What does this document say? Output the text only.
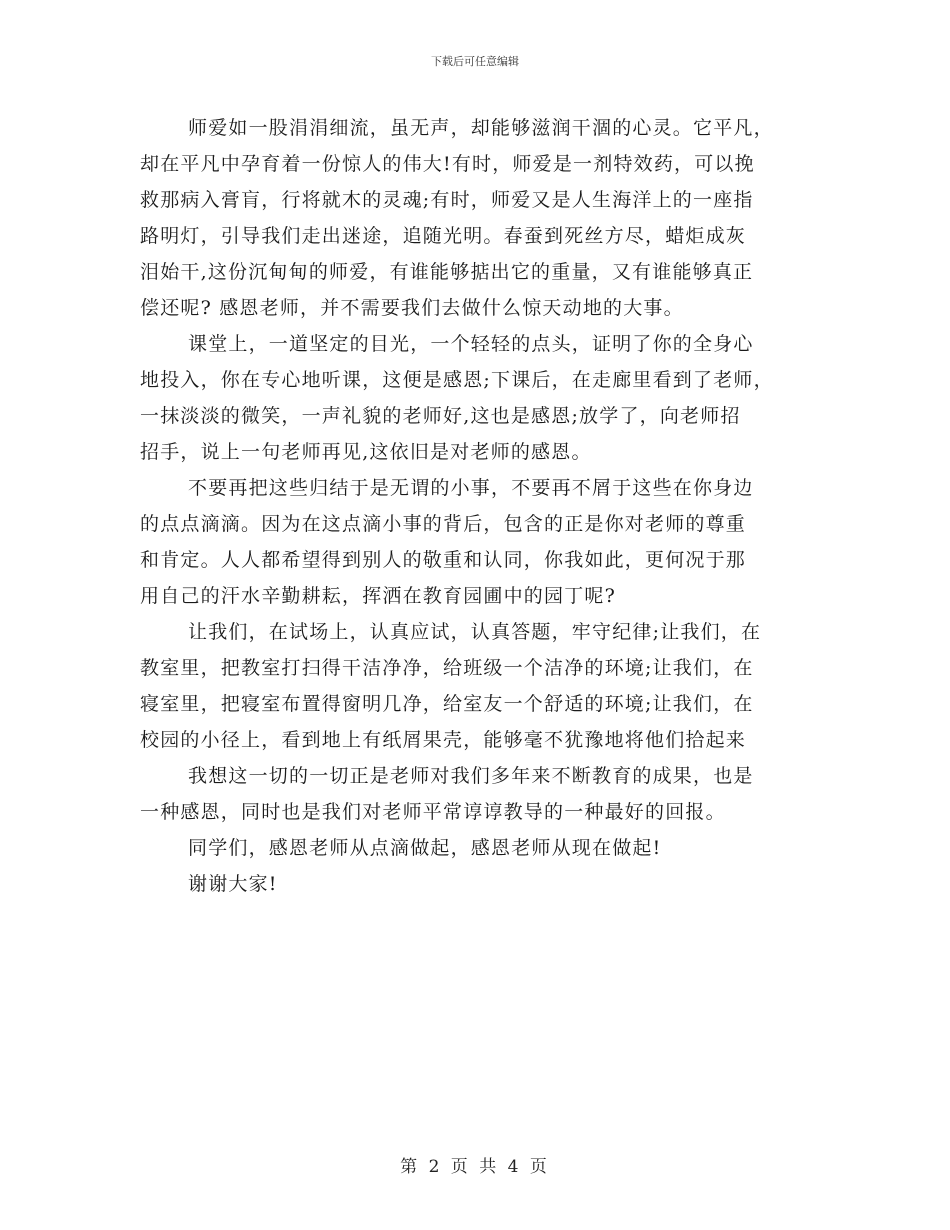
下载后可任意编辑
师爱如一股涓涓细流，虽无声，却能够滋润干涸的心灵。它平凡，
却在平凡中孕育着一份惊人的伟大!有时，师爱是一剂特效药，可以挽
救那病入膏肓，行将就木的灵魂;有时，师爱又是人生海洋上的一座指
路明灯，引导我们走出迷途，追随光明。春蚕到死丝方尽，蜡炬成灰
泪始干,这份沉甸甸的师爱，有谁能够掂出它的重量，又有谁能够真正
偿还呢? 感恩老师，并不需要我们去做什么惊天动地的大事。
课堂上，一道坚定的目光，一个轻轻的点头，证明了你的全身心
地投入，你在专心地听课，这便是感恩;下课后，在走廊里看到了老师，
一抹淡淡的微笑，一声礼貌的老师好,这也是感恩;放学了，向老师招
招手，说上一句老师再见,这依旧是对老师的感恩。
不要再把这些归结于是无谓的小事，不要再不屑于这些在你身边
的点点滴滴。因为在这点滴小事的背后，包含的正是你对老师的尊重
和肯定。人人都希望得到别人的敬重和认同，你我如此，更何况于那
用自己的汗水辛勤耕耘，挥洒在教育园圃中的园丁呢?
让我们，在试场上，认真应试，认真答题，牢守纪律;让我们，在
教室里，把教室打扫得干洁净净，给班级一个洁净的环境;让我们，在
寝室里，把寝室布置得窗明几净，给室友一个舒适的环境;让我们，在
校园的小径上，看到地上有纸屑果壳，能够毫不犹豫地将他们拾起来
我想这一切的一切正是老师对我们多年来不断教育的成果，也是
一种感恩，同时也是我们对老师平常谆谆教导的一种最好的回报。
同学们，感恩老师从点滴做起，感恩老师从现在做起!
谢谢大家!
第 2 页 共 4 页
